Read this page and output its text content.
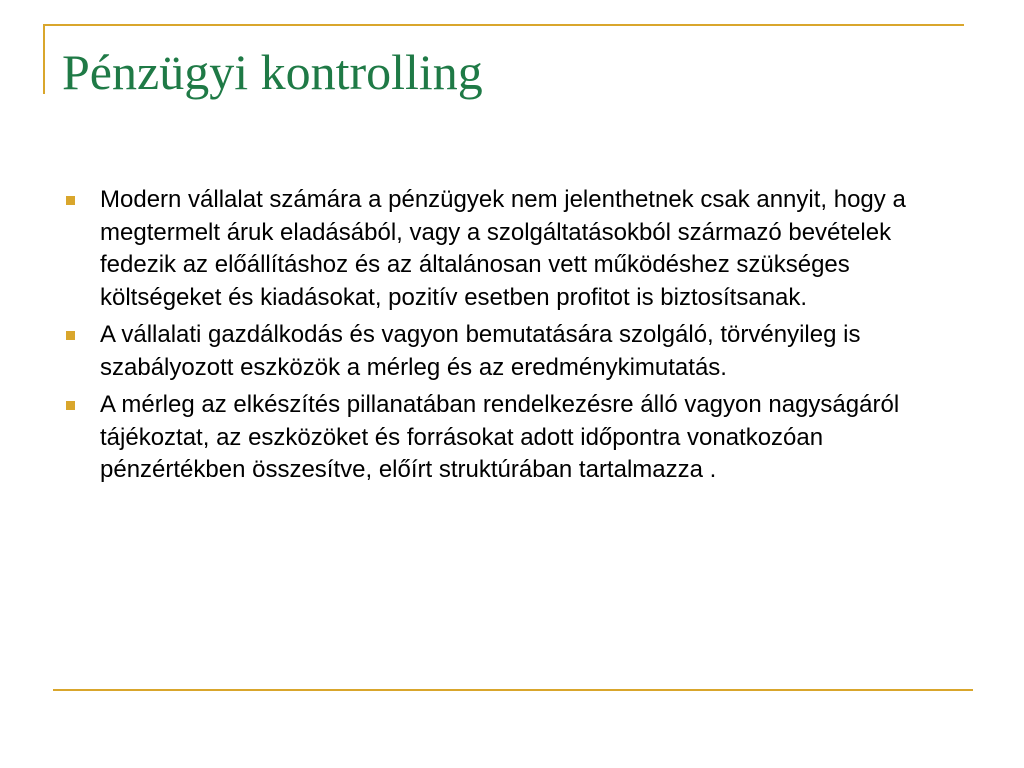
Pénzügyi kontrolling
Modern vállalat számára a pénzügyek nem jelenthetnek csak annyit, hogy a megtermelt áruk eladásából, vagy a szolgáltatásokból származó bevételek fedezik az előállításhoz és az általánosan vett működéshez szükséges költségeket és kiadásokat, pozitív esetben profitot is biztosítsanak.
A vállalati gazdálkodás és vagyon bemutatására szolgáló, törvényileg is szabályozott eszközök a mérleg és az eredménykimutatás.
A mérleg az elkészítés pillanatában rendelkezésre álló vagyon nagyságáról tájékoztat, az eszközöket és forrásokat adott időpontra vonatkozóan pénzértékben összesítve, előírt struktúrában tartalmazza .
